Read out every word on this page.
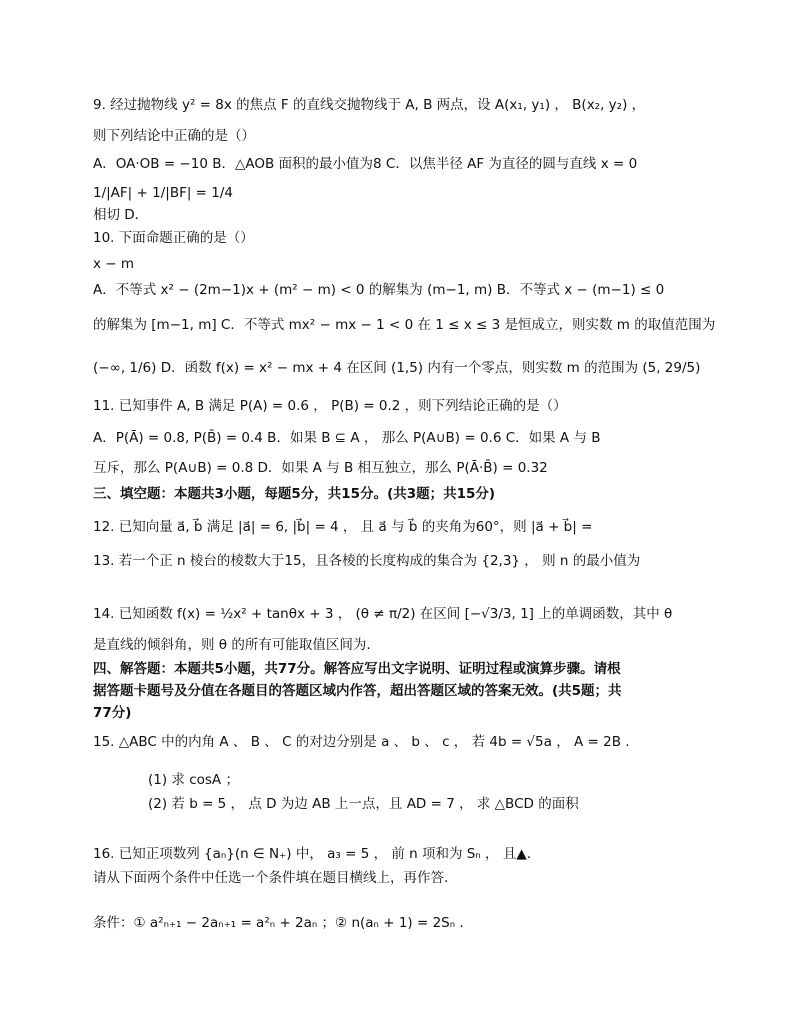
9. 经过抛物线 y² = 8x 的焦点 F 的直线交抛物线于 A, B 两点，设 A(x₁, y₁) ， B(x₂, y₂) ，
则下列结论中正确的是（）
A．OA·OB = −10 B．△AOB 面积的最小值为8 C．以焦半径 AF 为直径的圆与直线 x = 0
1/|AF| + 1/|BF| = 1/4
相切 D．
10. 下面命题正确的是（）
x − m
A．不等式 x² − (2m−1)x + (m² − m) < 0 的解集为 (m−1, m) B．不等式 x − (m−1) ≤ 0
的解集为 [m−1, m] C．不等式 mx² − mx − 1 < 0 在 1 ≤ x ≤ 3 是恒成立，则实数 m 的取值范围为
(−∞, 1/6) D．函数 f(x) = x² − mx + 4 在区间 (1,5) 内有一个零点，则实数 m 的范围为 (5, 29/5)
11. 已知事件 A, B 满足 P(A) = 0.6 ， P(B) = 0.2 ，则下列结论正确的是（）
A．P(Ā) = 0.8, P(B̄) = 0.4 B．如果 B ⊆ A ， 那么 P(A∪B) = 0.6 C．如果 A 与 B
互斥，那么 P(A∪B) = 0.8 D．如果 A 与 B 相互独立，那么 P(Ā·B̄) = 0.32
三、填空题：本题共3小题，每题5分，共15分。(共3题；共15分)
12. 已知向量 a⃗, b⃗ 满足 |a⃗| = 6, |b⃗| = 4 ， 且 a⃗ 与 b⃗ 的夹角为60°，则 |a⃗ + b⃗| =
13. 若一个正 n 棱台的棱数大于15，且各棱的长度构成的集合为 {2,3} ， 则 n 的最小值为
14. 已知函数 f(x) = ½x² + tanθx + 3 ， (θ ≠ π/2) 在区间 [−√3/3, 1] 上的单调函数，其中 θ
是直线的倾斜角，则 θ 的所有可能取值区间为.
四、解答题：本题共5小题，共77分。解答应写出文字说明、证明过程或演算步骤。请根
据答题卡题号及分值在各题目的答题区域内作答，超出答题区域的答案无效。(共5题；共
77分)
15. △ABC 中的内角 A 、 B 、 C 的对边分别是 a 、 b 、 c ， 若 4b = √5a ， A = 2B .
(1) 求 cosA ；
(2) 若 b = 5 ， 点 D 为边 AB 上一点，且 AD = 7 ， 求 △BCD 的面积
16. 已知正项数列 {aₙ}(n ∈ N₊) 中， a₃ = 5 ， 前 n 项和为 Sₙ ， 且▲.
请从下面两个条件中任选一个条件填在题目横线上，再作答.
条件：① a²ₙ₊₁ − 2aₙ₊₁ = a²ₙ + 2aₙ ；② n(aₙ + 1) = 2Sₙ .
